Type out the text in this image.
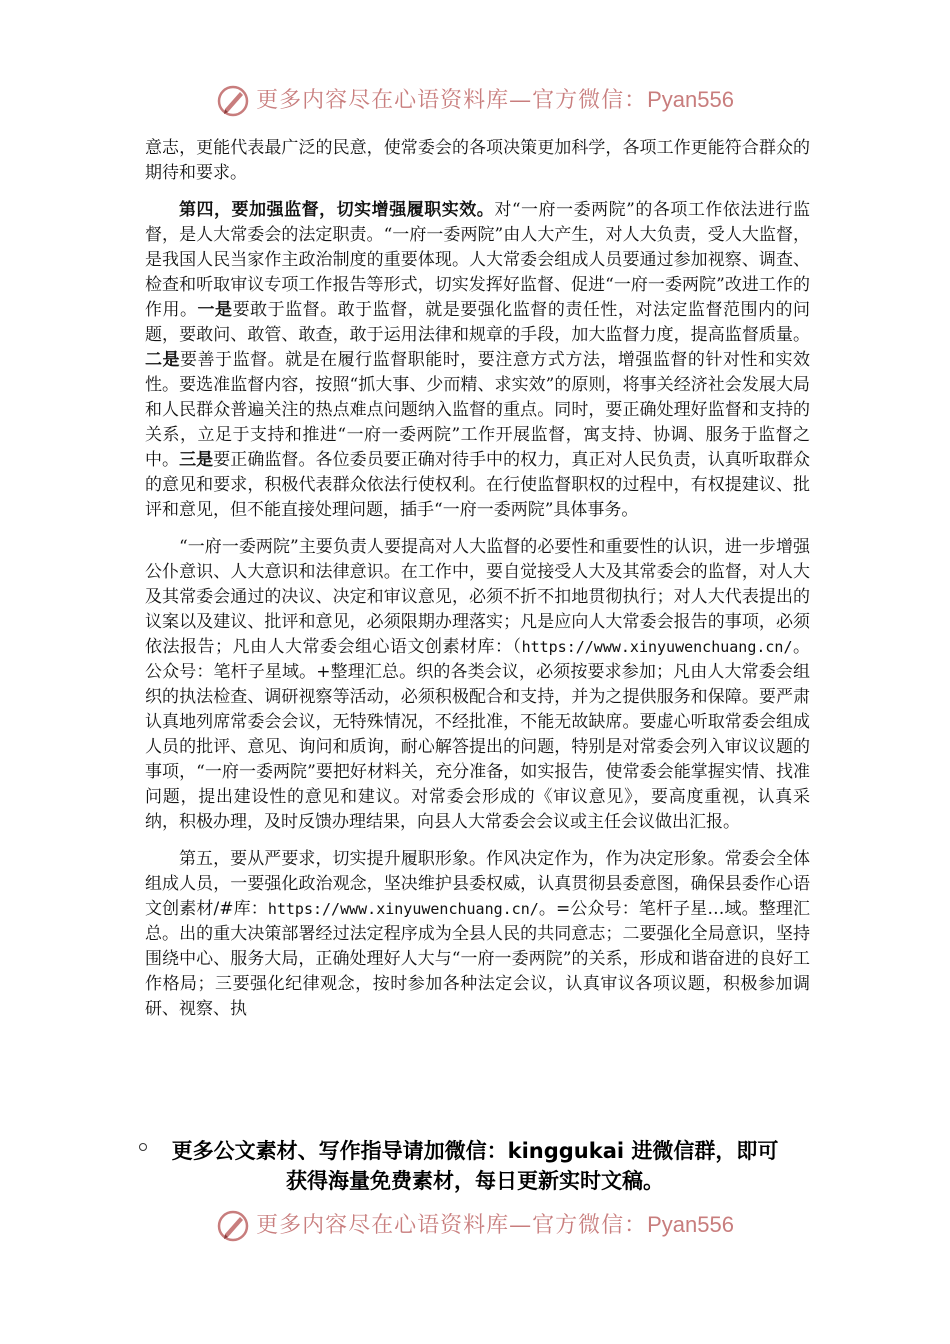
更多内容尽在心语资料库—官方微信：Pyan556

意志，更能代表最广泛的民意，使常委会的各项决策更加科学，各项工作更能符合群众的期待和要求。

第四，要加强监督，切实增强履职实效。对“一府一委两院”的各项工作依法进行监督，是人大常委会的法定职责。“一府一委两院”由人大产生，对人大负责，受人大监督，是我国人民当家作主政治制度的重要体现。人大常委会组成人员要通过参加视察、调查、检查和听取审议专项工作报告等形式，切实发挥好监督、促进“一府一委两院”改进工作的作用。一是要敢于监督。敢于监督，就是要强化监督的责任性，对法定监督范围内的问题，要敢问、敢管、敢查，敢于运用法律和规章的手段，加大监督力度，提高监督质量。二是要善于监督。就是在履行监督职能时，要注意方式方法，增强监督的针对性和实效性。要选准监督内容，按照“抓大事、少而精、求实效”的原则，将事关经济社会发展大局和人民群众普遍关注的热点难点问题纳入监督的重点。同时，要正确处理好监督和支持的关系，立足于支持和推进“一府一委两院”工作开展监督，寓支持、协调、服务于监督之中。三是要正确监督。各位委员要正确对待手中的权力，真正对人民负责，认真听取群众的意见和要求，积极代表群众依法行使权利。在行使监督职权的过程中，有权提建议、批评和意见，但不能直接处理问题，插手“一府一委两院”具体事务。

“一府一委两院”主要负责人要提高对人大监督的必要性和重要性的认识，进一步增强公仆意识、人大意识和法律意识。在工作中，要自觉接受人大及其常委会的监督，对人大及其常委会通过的决议、决定和审议意见，必须不折不扣地贯彻执行；对人大代表提出的议案以及建议、批评和意见，必须限期办理落实；凡是应向人大常委会报告的事项，必须依法报告；凡由人大常委会组心语文创素材库：（https://www.xinyuwenchuang.cn/。公众号：笔杆子星域。+整理汇总。织的各类会议，必须按要求参加；凡由人大常委会组织的执法检查、调研视察等活动，必须积极配合和支持，并为之提供服务和保障。要严肃认真地列席常委会会议，无特殊情况，不经批准，不能无故缺席。要虚心听取常委会组成人员的批评、意见、询问和质询，耐心解答提出的问题，特别是对常委会列入审议议题的事项，“一府一委两院”要把好材料关，充分准备，如实报告，使常委会能掌握实情、找准问题，提出建设性的意见和建议。对常委会形成的《审议意见》，要高度重视，认真采纳，积极办理，及时反馈办理结果，向县人大常委会会议或主任会议做出汇报。

第五，要从严要求，切实提升履职形象。作风决定作为，作为决定形象。常委会全体组成人员，一要强化政治观念，坚决维护县委权威，认真贯彻县委意图，确保县委作心语文创素材/#库：https://www.xinyuwenchuang.cn/。=公众号：笔杆子星…域。整理汇总。出的重大决策部署经过法定程序成为全县人民的共同意志；二要强化全局意识，坚持围绕中心、服务大局，正确处理好人大与“一府一委两院”的关系，形成和谐奋进的良好工作格局；三要强化纪律观念，按时参加各种法定会议，认真审议各项议题，积极参加调研、视察、执

更多公文素材、写作指导请加微信：kinggukai 进微信群，即可
获得海量免费素材，每日更新实时文稿。
更多内容尽在心语资料库—官方微信：Pyan556
